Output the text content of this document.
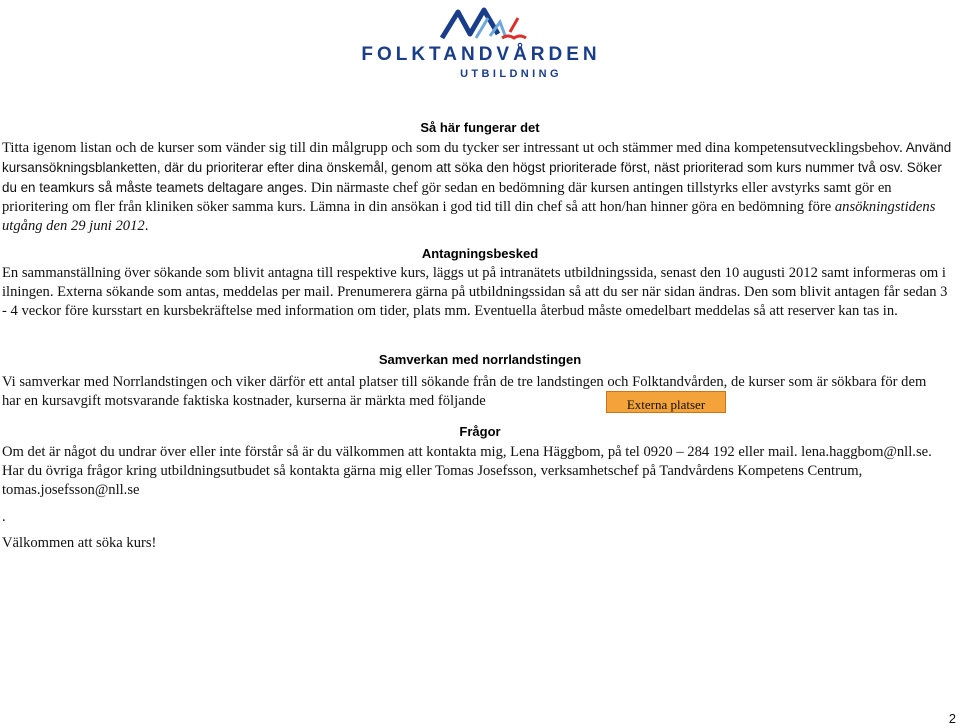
FOLKTANDVÅRDEN
UTBILDNING
Så här fungerar det

Titta igenom listan och de kurser som vänder sig till din målgrupp och som du tycker ser intressant ut och stämmer med dina kompetensutvecklingsbehov. Använd kursansökningsblanketten, där du prioriterar efter dina önskemål, genom att söka den högst prioriterade först, näst prioriterad som kurs nummer två osv. Söker du en teamkurs så måste teamets deltagare anges. Din närmaste chef gör sedan en bedömning där kursen antingen tillstyrks eller avstyrks samt gör en prioritering om fler från kliniken söker samma kurs. Lämna in din ansökan i god tid till din chef så att hon/han hinner göra en bedömning före ansökningstidens utgång den 29 juni 2012.

Antagningsbesked

En sammanställning över sökande som blivit antagna till respektive kurs, läggs ut på intranätets utbildningssida, senast den 10 augusti 2012 samt informeras om i ilningen. Externa sökande som antas, meddelas per mail. Prenumerera gärna på utbildningssidan så att du ser när sidan ändras. Den som blivit antagen får sedan 3 - 4 veckor före kursstart en kursbekräftelse med information om tider, plats mm. Eventuella återbud måste omedelbart meddelas så att reserver kan tas in.

Samverkan med norrlandstingen

Vi samverkar med Norrlandstingen och viker därför ett antal platser till sökande från de tre landstingen och Folktandvården, de kurser som är sökbara för dem har en kursavgift motsvarande faktiska kostnader, kurserna är märkta med följande	Externa platser
Frågor

Om det är något du undrar över eller inte förstår så är du välkommen att kontakta mig, Lena Häggbom, på tel 0920 – 284 192 eller mail. lena.haggbom@nll.se. Har du övriga frågor kring utbildningsutbudet så kontakta gärna mig eller Tomas Josefsson, verksamhetschef på Tandvårdens Kompetens Centrum, tomas.josefsson@nll.se

.

Välkommen att söka kurs!

2
